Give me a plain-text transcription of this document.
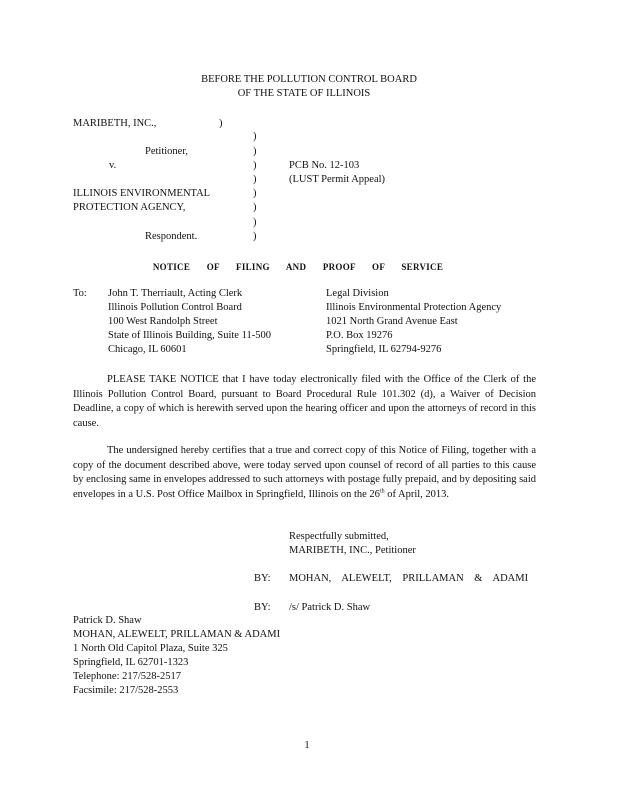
BEFORE THE POLLUTION CONTROL BOARD
OF THE STATE OF ILLINOIS
MARIBETH, INC.,	)
)
Petitioner,	)
v.	)	PCB No. 12-103
)	(LUST Permit Appeal)
ILLINOIS ENVIRONMENTAL	)
PROTECTION AGENCY,	)
)
Respondent.	)
NOTICE OF FILING AND PROOF OF SERVICE
To: John T. Therriault, Acting Clerk
Illinois Pollution Control Board
100 West Randolph Street
State of Illinois Building, Suite 11-500
Chicago, IL 60601
Legal Division
Illinois Environmental Protection Agency
1021 North Grand Avenue East
P.O. Box 19276
Springfield, IL 62794-9276
PLEASE TAKE NOTICE that I have today electronically filed with the Office of the Clerk of the Illinois Pollution Control Board, pursuant to Board Procedural Rule 101.302 (d), a Waiver of Decision Deadline, a copy of which is herewith served upon the hearing officer and upon the attorneys of record in this cause.
The undersigned hereby certifies that a true and correct copy of this Notice of Filing, together with a copy of the document described above, were today served upon counsel of record of all parties to this cause by enclosing same in envelopes addressed to such attorneys with postage fully prepaid, and by depositing said envelopes in a U.S. Post Office Mailbox in Springfield, Illinois on the 26th of April, 2013.
Respectfully submitted,
MARIBETH, INC., Petitioner
BY: MOHAN, ALEWELT, PRILLAMAN & ADAMI
BY: /s/ Patrick D. Shaw
Patrick D. Shaw
MOHAN, ALEWELT, PRILLAMAN & ADAMI
1 North Old Capitol Plaza, Suite 325
Springfield, IL 62701-1323
Telephone: 217/528-2517
Facsimile: 217/528-2553
1
